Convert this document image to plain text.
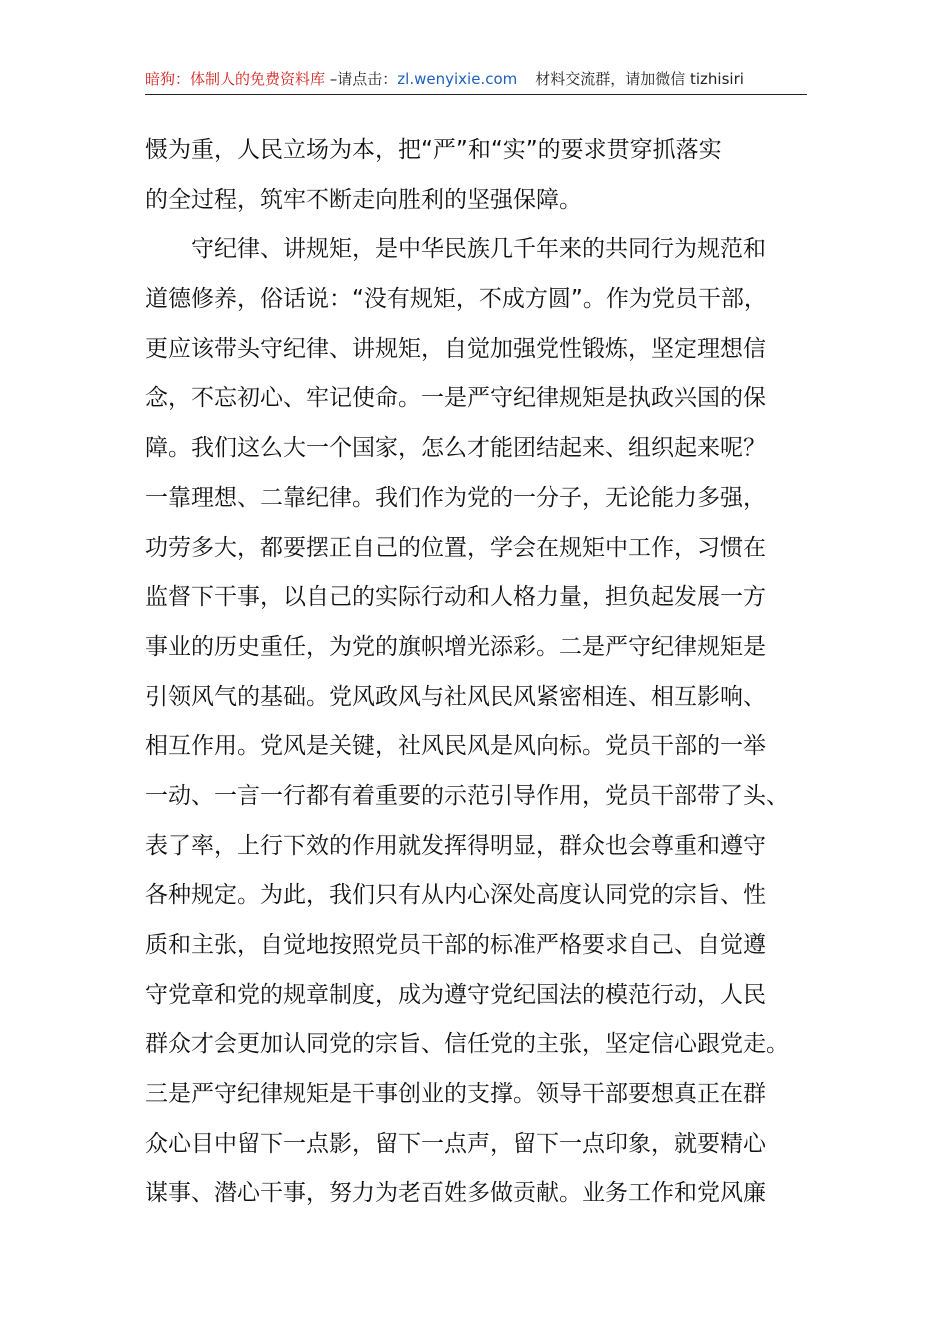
暗狗：体制人的免费资料库 –请点击：zl.wenyixie.com 材料交流群，请加微信 tizhisiri
慑为重，人民立场为本，把“严”和“实”的要求贯穿抓落实
的全过程，筑牢不断走向胜利的坚强保障。
　　守纪律、讲规矩，是中华民族几千年来的共同行为规范和
道德修养，俗话说：“没有规矩，不成方圆”。作为党员干部，
更应该带头守纪律、讲规矩，自觉加强党性锻炼，坚定理想信
念，不忘初心、牢记使命。一是严守纪律规矩是执政兴国的保
障。我们这么大一个国家，怎么才能团结起来、组织起来呢？
一靠理想、二靠纪律。我们作为党的一分子，无论能力多强，
功劳多大，都要摆正自己的位置，学会在规矩中工作，习惯在
监督下干事，以自己的实际行动和人格力量，担负起发展一方
事业的历史重任，为党的旗帜增光添彩。二是严守纪律规矩是
引领风气的基础。党风政风与社风民风紧密相连、相互影响、
相互作用。党风是关键，社风民风是风向标。党员干部的一举
一动、一言一行都有着重要的示范引导作用，党员干部带了头、
表了率，上行下效的作用就发挥得明显，群众也会尊重和遵守
各种规定。为此，我们只有从内心深处高度认同党的宗旨、性
质和主张，自觉地按照党员干部的标准严格要求自己、自觉遵
守党章和党的规章制度，成为遵守党纪国法的模范行动，人民
群众才会更加认同党的宗旨、信任党的主张，坚定信心跟党走。
三是严守纪律规矩是干事创业的支撑。领导干部要想真正在群
众心目中留下一点影，留下一点声，留下一点印象，就要精心
谋事、潜心干事，努力为老百姓多做贡献。业务工作和党风廉
